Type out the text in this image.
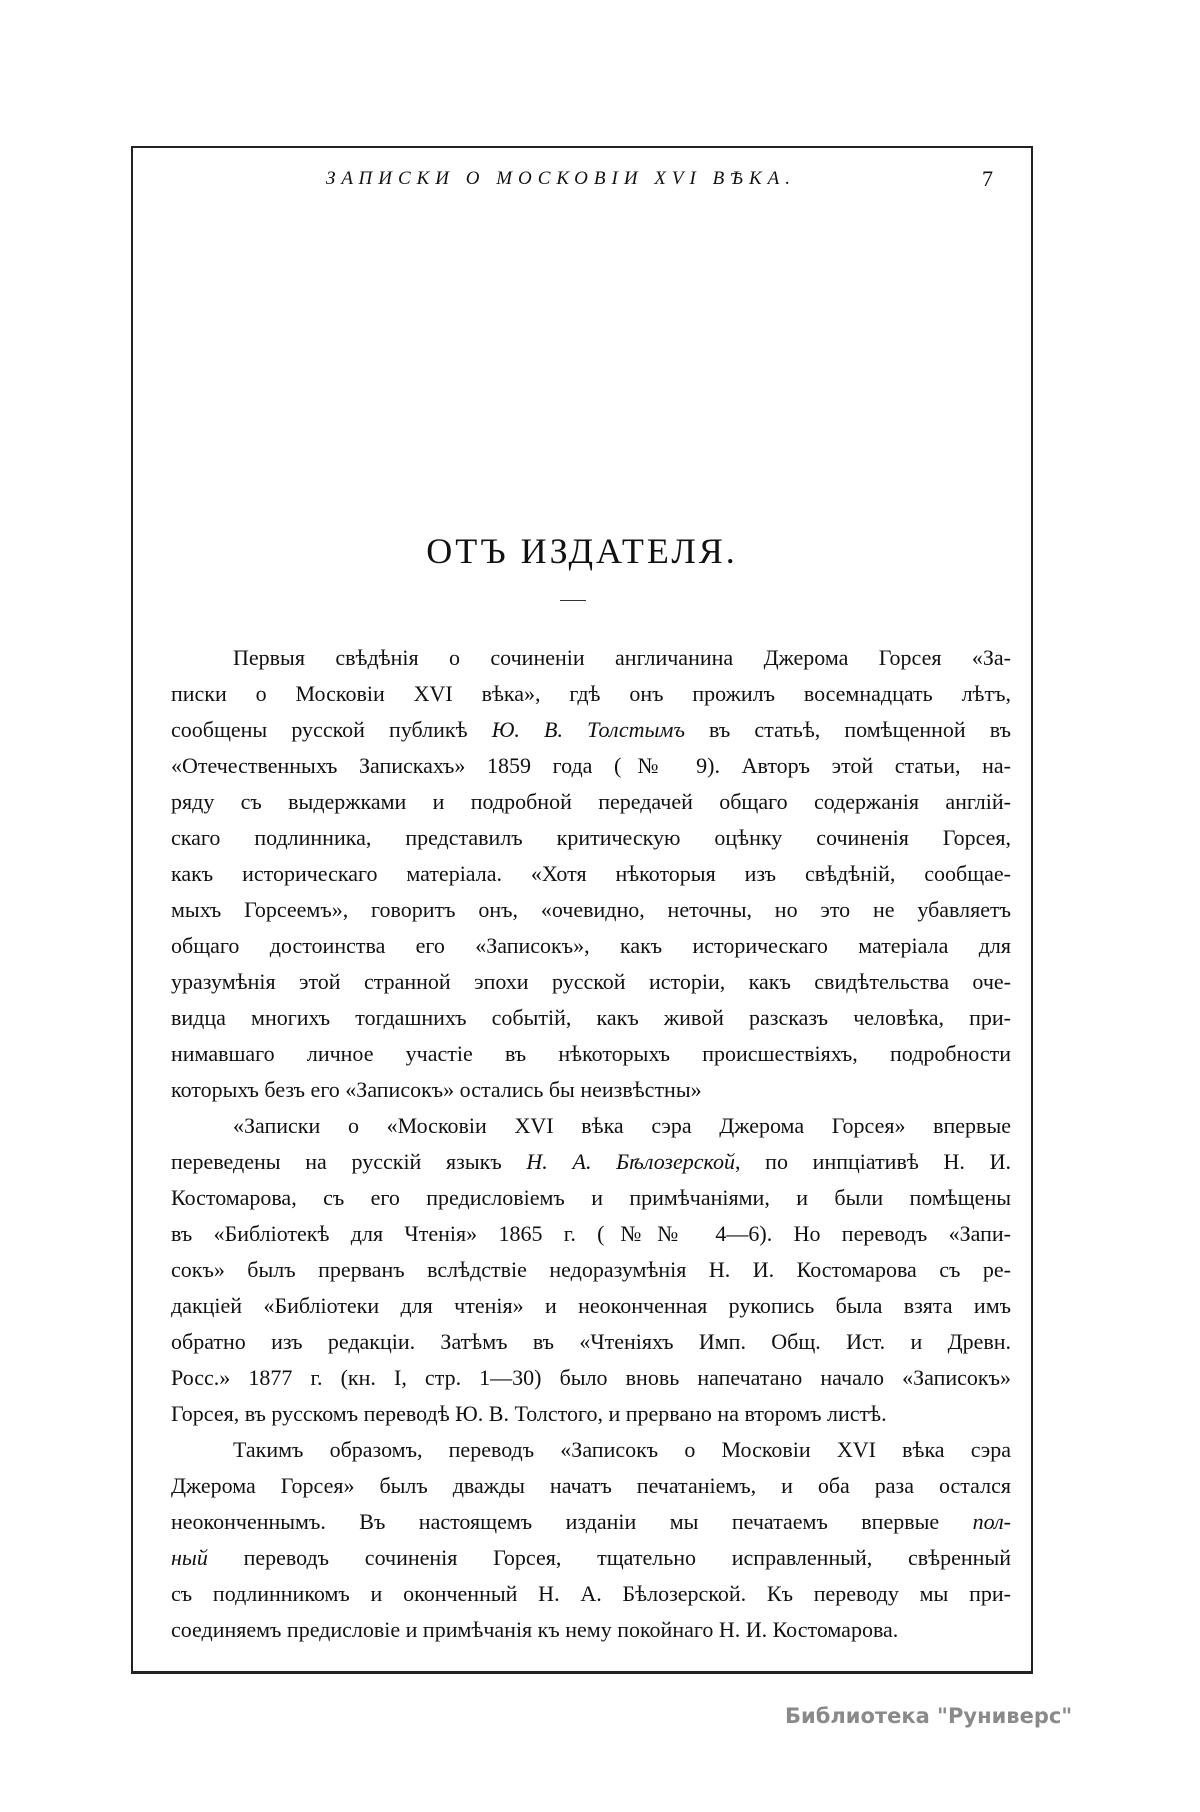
ЗАПИСКИ О МОСКОВІИ XVI ВѢКА.	7
ОТЪ ИЗДАТЕЛЯ.
Первыя свѣдѣнія о сочиненіи англичанина Джерома Горсея «За-
писки о Московіи XVI вѣка», гдѣ онъ прожилъ восемнадцать лѣтъ,
сообщены русской публикѣ Ю. В. Толстымъ въ статьѣ, помѣщенной въ
«Отечественныхъ Запискахъ» 1859 года (№ 9). Авторъ этой статьи, на-
ряду съ выдержками и подробной передачей общаго содержанія англій-
скаго подлинника, представилъ критическую оцѣнку сочиненія Горсея,
какъ историческаго матеріала. «Хотя нѣкоторыя изъ свѣдѣній, сообщае-
мыхъ Горсеемъ», говоритъ онъ, «очевидно, неточны, но это не убавляетъ
общаго достоинства его «Записокъ», какъ историческаго матеріала для
уразумѣнія этой странной эпохи русской исторіи, какъ свидѣтельства оче-
видца многихъ тогдашнихъ событій, какъ живой разсказъ человѣка, при-
нимавшаго личное участіе въ нѣкоторыхъ происшествіяхъ, подробности
которыхъ безъ его «Записокъ» остались бы неизвѣстны»
«Записки о «Московіи XVI вѣка сэра Джерома Горсея» впервые
переведены на русскій языкъ Н. А. Бѣлозерской, по инпціативѣ Н. И.
Костомарова, съ его предисловіемъ и примѣчаніями, и были помѣщены
въ «Библіотекѣ для Чтенія» 1865 г. (№№ 4—6). Но переводъ «Запи-
сокъ» былъ прерванъ вслѣдствіе недоразумѣнія Н. И. Костомарова съ ре-
дакціей «Библіотеки для чтенія» и неоконченная рукопись была взята имъ
обратно изъ редакціи. Затѣмъ въ «Чтеніяхъ Имп. Общ. Ист. и Древн.
Росс.» 1877 г. (кн. I, стр. 1—30) было вновь напечатано начало «Записокъ»
Горсея, въ русскомъ переводѣ Ю. В. Толстого, и прервано на второмъ листѣ.
Такимъ образомъ, переводъ «Записокъ о Московіи XVI вѣка сэра
Джерома Горсея» былъ дважды начатъ печатаніемъ, и оба раза остался
неоконченнымъ. Въ настоящемъ изданіи мы печатаемъ впервые пол-
ный переводъ сочиненія Горсея, тщательно исправленный, свѣренный
съ подлинникомъ и оконченный Н. А. Бѣлозерской. Къ переводу мы при-
соединяемъ предисловіе и примѣчанія къ нему покойнаго Н. И. Костомарова.
Библиотека "Руниверс"
